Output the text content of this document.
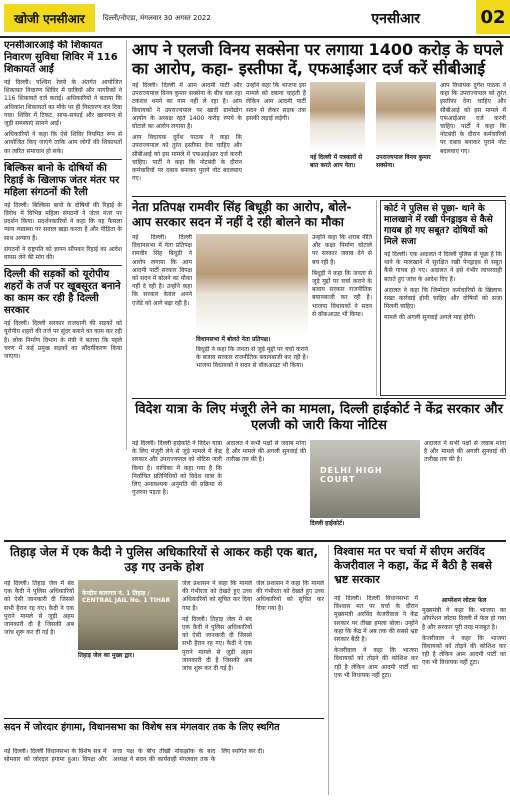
खोजी एनसीआर	दिल्ली/नोएडा, मंगलवार 30 अगस्त 2022	एनसीआर	02
एनसीआरआई की शिकायत निवारण सुविधा शिविर में 116 शिकायतें आईं

नई दिल्ली। पश्चिम रेलवे के अंतर्गत आयोजित शिकायत निवारण शिविर में यात्रियों और नागरिकों ने 116 शिकायतें दर्ज कराईं। अधिकारियों ने बताया कि अधिकांश शिकायतों का मौके पर ही निस्तारण कर दिया गया। शिविर में टिकट, साफ-सफाई और खानपान से जुड़ी समस्याएं सामने आईं।

अधिकारियों ने कहा कि ऐसे शिविर नियमित रूप से आयोजित किए जाएंगे ताकि आम लोगों की शिकायतों का त्वरित समाधान हो सके।

बिल्किस बानो के दोषियों की रिहाई के खिलाफ जंतर मंतर पर महिला संगठनों की रैली

नई दिल्ली। बिल्किस बानो के दोषियों की रिहाई के विरोध में विभिन्न महिला संगठनों ने जंतर मंतर पर प्रदर्शन किया। प्रदर्शनकारियों ने कहा कि यह फैसला न्याय व्यवस्था पर सवाल खड़ा करता है और पीड़िता के साथ अन्याय है।

संगठनों ने राष्ट्रपति को ज्ञापन सौंपकर रिहाई का आदेश वापस लेने की मांग की।

दिल्ली की सड़कों को यूरोपीय शहरों के तर्ज पर खूबसूरत बनाने का काम कर रही है दिल्ली सरकार

नई दिल्ली। दिल्ली सरकार राजधानी की सड़कों को यूरोपीय शहरों की तर्ज पर सुंदर बनाने का काम कर रही है। लोक निर्माण विभाग के मंत्री ने बताया कि पहले चरण में कई प्रमुख सड़कों का सौंदर्यीकरण किया जाएगा।

आप ने एलजी विनय सक्सेना पर लगाया 1400 करोड़ के घपले का आरोप, कहा- इस्तीफा दें, एफआईआर दर्ज करें सीबीआई

नई दिल्ली। दिल्ली में आम आदमी पार्टी और उपराज्यपाल विनय कुमार सक्सेना के बीच चल रहा टकराव थमने का नाम नहीं ले रहा है। आप विधायकों ने उपराज्यपाल पर खादी ग्रामोद्योग आयोग के अध्यक्ष रहते 1400 करोड़ रुपये के घोटाले का आरोप लगाया है।

आप विधायक दुर्गेश पाठक ने कहा कि उपराज्यपाल को तुरंत इस्तीफा देना चाहिए और सीबीआई को इस मामले में एफआईआर दर्ज करनी चाहिए। पार्टी ने कहा कि नोटबंदी के दौरान कर्मचारियों पर दबाव बनाकर पुराने नोट बदलवाए गए।

उन्होंने कहा कि भाजपा इस मामले को दबाना चाहती है लेकिन आम आदमी पार्टी सदन से लेकर सड़क तक इसकी लड़ाई लड़ेगी।

नई दिल्ली में पत्रकारों से बात करते आप नेता।
उपराज्यपाल विनय कुमार सक्सेना।

आप विधायक दुर्गेश पाठक ने कहा कि उपराज्यपाल को तुरंत इस्तीफा देना चाहिए और सीबीआई को इस मामले में एफआईआर दर्ज करनी चाहिए। पार्टी ने कहा कि नोटबंदी के दौरान कर्मचारियों पर दबाव बनाकर पुराने नोट बदलवाए गए।

नेता प्रतिपक्ष रामवीर सिंह बिधूड़ी का आरोप, बोले- आप सरकार सदन में नहीं दे रही बोलने का मौका

नई दिल्ली। दिल्ली विधानसभा में नेता प्रतिपक्ष रामवीर सिंह बिधूड़ी ने आरोप लगाया कि आम आदमी पार्टी सरकार विपक्ष को सदन में बोलने का मौका नहीं दे रही है। उन्होंने कहा कि सरकार केवल अपने एजेंडे को आगे बढ़ा रही है।

विधानसभा में बोलते नेता प्रतिपक्ष।

बिधूड़ी ने कहा कि जनता से जुड़े मुद्दों पर चर्चा कराने के बजाय सरकार राजनीतिक बयानबाजी कर रही है। भाजपा विधायकों ने सदन से वॉकआउट भी किया।

उन्होंने कहा कि शराब नीति और कक्षा निर्माण घोटाले पर सरकार जवाब देने से बच रही है।

बिधूड़ी ने कहा कि जनता से जुड़े मुद्दों पर चर्चा कराने के बजाय सरकार राजनीतिक बयानबाजी कर रही है। भाजपा विधायकों ने सदन से वॉकआउट भी किया।

कोर्ट ने पुलिस से पूछा- थाने के मालखाने में रखी पेनड्राइव से कैसे गायब हो गए सबूत? दोषियों को मिले सजा

नई दिल्ली। एक अदालत ने दिल्ली पुलिस से पूछा है कि थाने के मालखाने में सुरक्षित रखी पेनड्राइव से सबूत कैसे गायब हो गए। अदालत ने इसे गंभीर लापरवाही बताते हुए जांच के आदेश दिए हैं।

अदालत ने कहा कि जिम्मेदार कर्मचारियों के खिलाफ सख्त कार्रवाई होनी चाहिए और दोषियों को सजा मिलनी चाहिए।

मामले की अगली सुनवाई अगले माह होगी।

विदेश यात्रा के लिए मंजूरी लेने का मामला, दिल्ली हाईकोर्ट ने केंद्र सरकार और एलजी को जारी किया नोटिस

नई दिल्ली। दिल्ली हाईकोर्ट ने विदेश यात्रा के लिए मंजूरी लेने से जुड़े मामले में केंद्र सरकार और उपराज्यपाल को नोटिस जारी किया है। याचिका में कहा गया है कि निर्वाचित प्रतिनिधियों को विदेश यात्रा के लिए अनावश्यक अनुमति की प्रक्रिया से गुजरना पड़ता है।

अदालत ने सभी पक्षों से जवाब मांगा है और मामले की अगली सुनवाई की तारीख तय की है।

DELHI HIGH COURT
दिल्ली हाईकोर्ट।

अदालत ने सभी पक्षों से जवाब मांगा है और मामले की अगली सुनवाई की तारीख तय की है।

तिहाड़ जेल में एक कैदी ने पुलिस अधिकारियों से आकर कही एक बात, उड़ गए उनके होश

नई दिल्ली। तिहाड़ जेल में बंद एक कैदी ने पुलिस अधिकारियों को ऐसी जानकारी दी जिससे सभी हैरान रह गए। कैदी ने एक पुराने मामले से जुड़ी अहम जानकारी दी है जिसकी अब जांच शुरू कर दी गई है।

केन्द्रीय कारागार नं. 1 तिहाड़ / CENTRAL JAIL No. 1 TIHAR
तिहाड़ जेल का मुख्य द्वार।

जेल प्रशासन ने कहा कि मामले की गंभीरता को देखते हुए उच्च अधिकारियों को सूचित कर दिया गया है।

नई दिल्ली। तिहाड़ जेल में बंद एक कैदी ने पुलिस अधिकारियों को ऐसी जानकारी दी जिससे सभी हैरान रह गए। कैदी ने एक पुराने मामले से जुड़ी अहम जानकारी दी है जिसकी अब जांच शुरू कर दी गई है।

जेल प्रशासन ने कहा कि मामले की गंभीरता को देखते हुए उच्च अधिकारियों को सूचित कर दिया गया है।

सदन में जोरदार हंगामा, विधानसभा का विशेष सत्र मंगलवार तक के लिए स्थगित

नई दिल्ली। दिल्ली विधानसभा के विशेष सत्र में सोमवार को जोरदार हंगामा हुआ। विपक्ष और सत्ता पक्ष के बीच तीखी नोकझोंक के बाद अध्यक्ष ने सदन की कार्यवाही मंगलवार तक के लिए स्थगित कर दी।

विश्वास मत पर चर्चा में सीएम अरविंद केजरीवाल ने कहा, केंद्र में बैठी है सबसे भ्रष्ट सरकार

नई दिल्ली। दिल्ली विधानसभा में विश्वास मत पर चर्चा के दौरान मुख्यमंत्री अरविंद केजरीवाल ने केंद्र सरकार पर तीखा हमला बोला। उन्होंने कहा कि केंद्र में अब तक की सबसे भ्रष्ट सरकार बैठी है।

केजरीवाल ने कहा कि भाजपा विधायकों को तोड़ने की कोशिश कर रही है लेकिन आम आदमी पार्टी का एक भी विधायक नहीं टूटा।

आपरेशन लोटस फेल

मुख्यमंत्री ने कहा कि भाजपा का ऑपरेशन लोटस दिल्ली में फेल हो गया है और सरकार पूरी तरह मजबूत है।

केजरीवाल ने कहा कि भाजपा विधायकों को तोड़ने की कोशिश कर रही है लेकिन आम आदमी पार्टी का एक भी विधायक नहीं टूटा।
